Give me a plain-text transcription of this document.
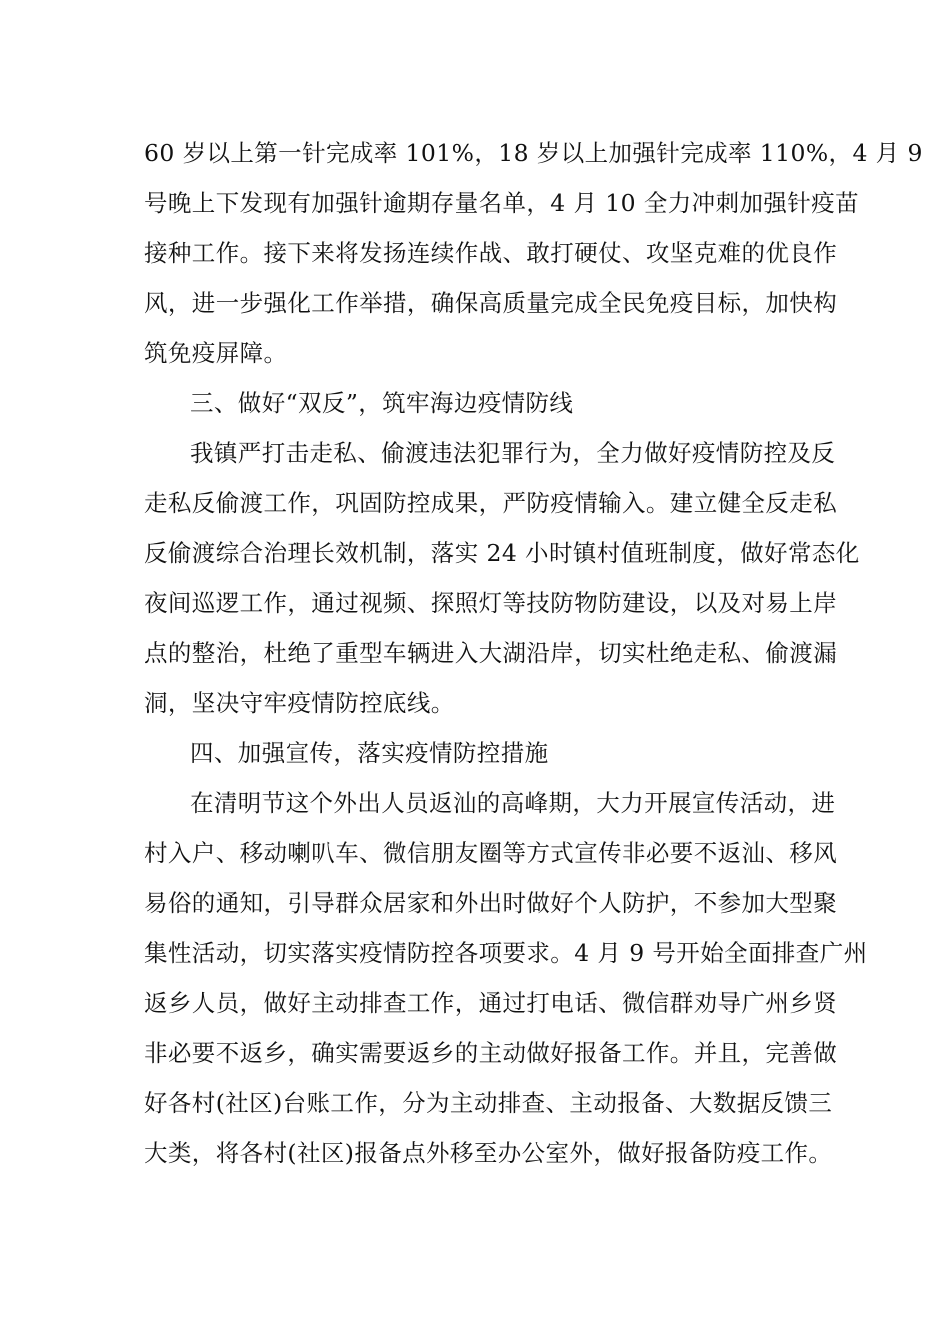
60 岁以上第一针完成率 101%，18 岁以上加强针完成率 110%，4 月 9
号晚上下发现有加强针逾期存量名单，4 月 10 全力冲刺加强针疫苗
接种工作。接下来将发扬连续作战、敢打硬仗、攻坚克难的优良作
风，进一步强化工作举措，确保高质量完成全民免疫目标，加快构
筑免疫屏障。
三、做好“双反”，筑牢海边疫情防线
我镇严打击走私、偷渡违法犯罪行为，全力做好疫情防控及反
走私反偷渡工作，巩固防控成果，严防疫情输入。建立健全反走私
反偷渡综合治理长效机制，落实 24 小时镇村值班制度，做好常态化
夜间巡逻工作，通过视频、探照灯等技防物防建设，以及对易上岸
点的整治，杜绝了重型车辆进入大湖沿岸，切实杜绝走私、偷渡漏
洞，坚决守牢疫情防控底线。
四、加强宣传，落实疫情防控措施
在清明节这个外出人员返汕的高峰期，大力开展宣传活动，进
村入户、移动喇叭车、微信朋友圈等方式宣传非必要不返汕、移风
易俗的通知，引导群众居家和外出时做好个人防护，不参加大型聚
集性活动，切实落实疫情防控各项要求。4 月 9 号开始全面排查广州
返乡人员，做好主动排查工作，通过打电话、微信群劝导广州乡贤
非必要不返乡，确实需要返乡的主动做好报备工作。并且，完善做
好各村(社区)台账工作，分为主动排查、主动报备、大数据反馈三
大类，将各村(社区)报备点外移至办公室外，做好报备防疫工作。
